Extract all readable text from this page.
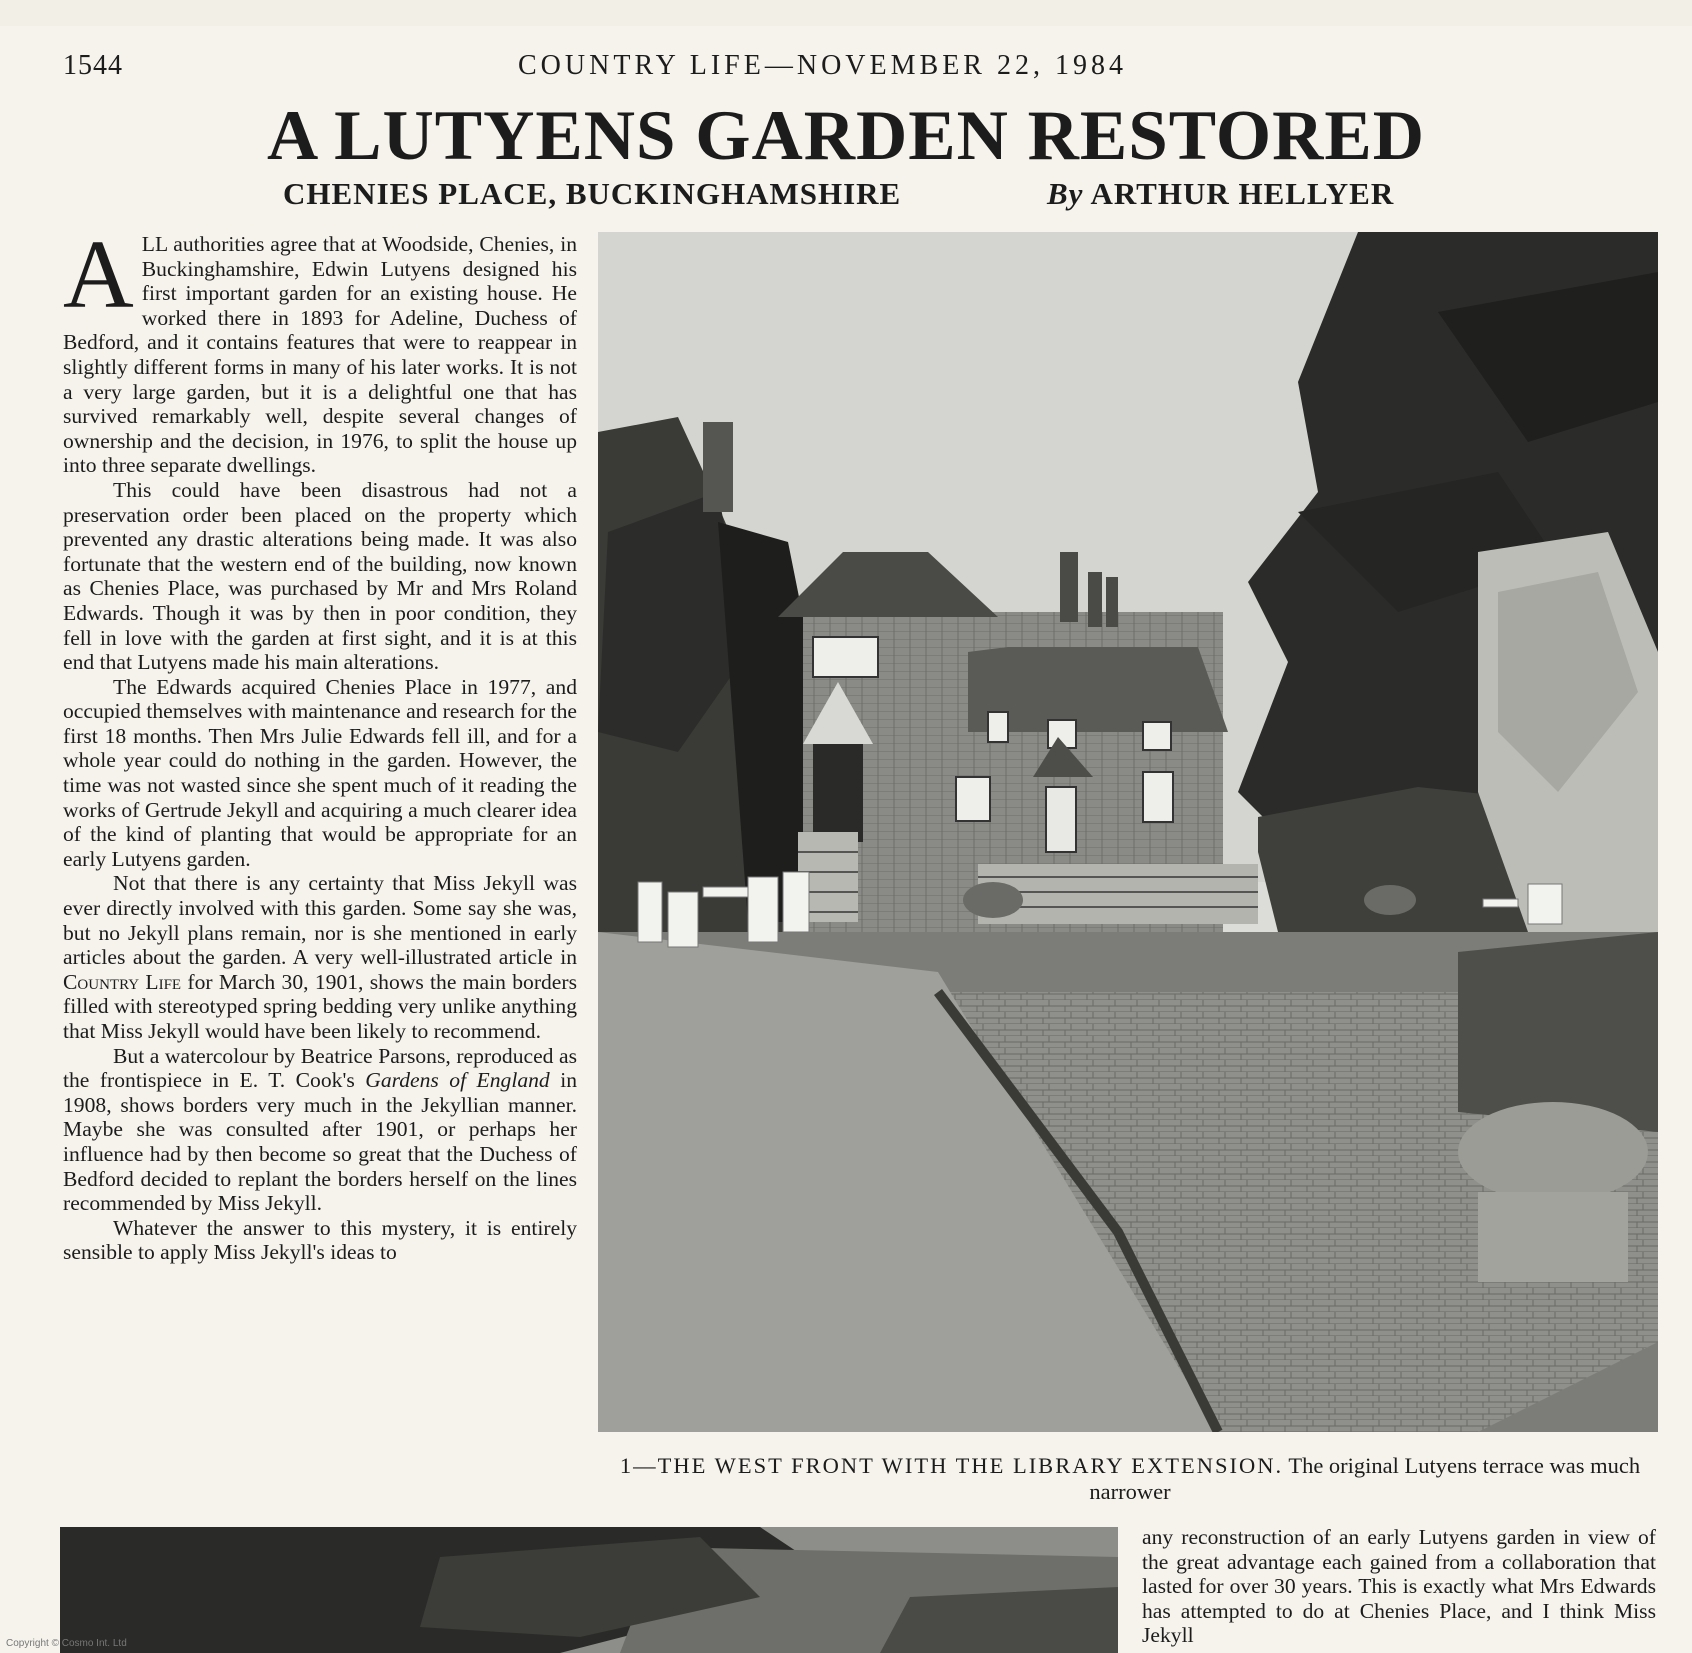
1544	COUNTRY LIFE—NOVEMBER 22, 1984
A LUTYENS GARDEN RESTORED
CHENIES PLACE, BUCKINGHAMSHIRE	By ARTHUR HELLYER

ALL authorities agree that at Woodside, Chenies, in Buckinghamshire, Edwin Lutyens designed his first important garden for an existing house. He worked there in 1893 for Adeline, Duchess of Bedford, and it contains features that were to reappear in slightly different forms in many of his later works. It is not a very large garden, but it is a delightful one that has survived remarkably well, despite several changes of ownership and the decision, in 1976, to split the house up into three separate dwellings.

This could have been disastrous had not a preservation order been placed on the property which prevented any drastic alterations being made. It was also fortunate that the western end of the building, now known as Chenies Place, was purchased by Mr and Mrs Roland Edwards. Though it was by then in poor condition, they fell in love with the garden at first sight, and it is at this end that Lutyens made his main alterations.

The Edwards acquired Chenies Place in 1977, and occupied themselves with maintenance and research for the first 18 months. Then Mrs Julie Edwards fell ill, and for a whole year could do nothing in the garden. However, the time was not wasted since she spent much of it reading the works of Gertrude Jekyll and acquiring a much clearer idea of the kind of planting that would be appropriate for an early Lutyens garden.

Not that there is any certainty that Miss Jekyll was ever directly involved with this garden. Some say she was, but no Jekyll plans remain, nor is she mentioned in early articles about the garden. A very well-illustrated article in Country Life for March 30, 1901, shows the main borders filled with stereotyped spring bedding very unlike anything that Miss Jekyll would have been likely to recommend.

But a watercolour by Beatrice Parsons, reproduced as the frontispiece in E. T. Cook's Gardens of England in 1908, shows borders very much in the Jekyllian manner. Maybe she was consulted after 1901, or perhaps her influence had by then become so great that the Duchess of Bedford decided to replant the borders herself on the lines recommended by Miss Jekyll.

Whatever the answer to this mystery, it is entirely sensible to apply Miss Jekyll's ideas to

1—THE WEST FRONT WITH THE LIBRARY EXTENSION. The original Lutyens terrace was much narrower

any reconstruction of an early Lutyens garden in view of the great advantage each gained from a collaboration that lasted for over 30 years. This is exactly what Mrs Edwards has attempted to do at Chenies Place, and I think Miss Jekyll

Copyright © Cosmo Int. Ltd
